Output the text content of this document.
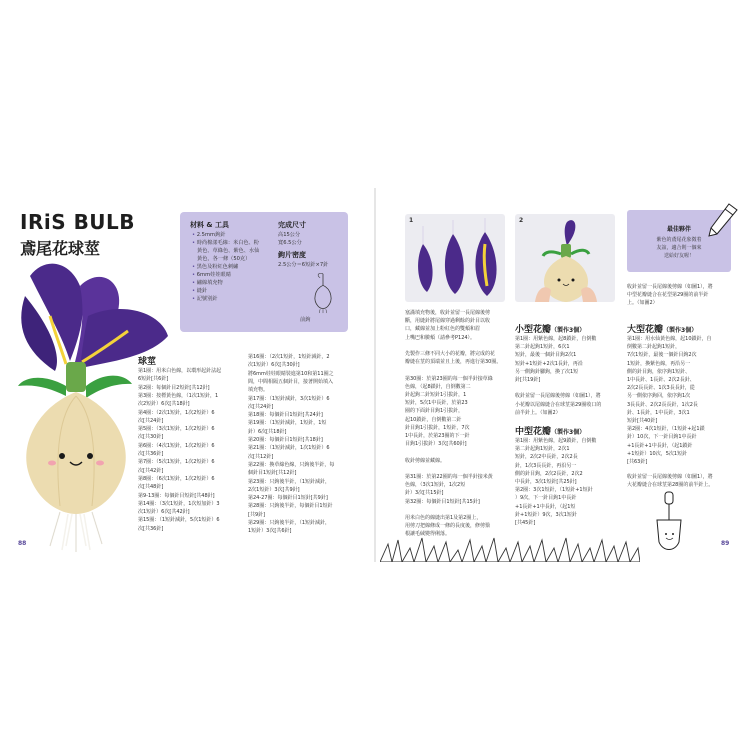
IRiS BULB
鳶尾花球莖
材料 & 工具
• 2.5mm鉤針
• 時尚棉漾毛線：米白色、粉
黃色、草綠色、紫色、水仙
黃色，各一條（50克）
• 黑色及粉紅色刺繡
• 6mm娃娃眼睛
• 繡線填充物
• 縫針
• 記號別針
完成尺寸
高15公分
寬6.5公分
鉤片密度
2.5公分＝6短針×7針
前鉤
球莖
第1圈：用米白色線，以環形起針法起
6短針[共6針]
第2圈：每個針目2短針[共12針]
第3圈：按標黃色線，（1次1短針，1
次2短針）6次[共18針]
第4圈：（2次1短針，1次2短針）6
次[共24針]
第5圈：（3次1短針，1次2短針）6
次[共30針]
第6圈：（4次1短針，1次2短針）6
次[共36針]
第7圈：（5次1短針，1次2短針）6
次[共42針]
第8圈：（6次1短針，1次2短針）6
次[共48針]
第9-13圈：每個針目短針[共48針]
第14圈：（3次1短針，1次短加針）3
次1短針）6次[共42針]
第15圈：（1短針減針，5次1短針）6
次[共36針]
第16圈：（2次1短針，1短針減針，2
次1短針）6次[共30針]
將6mm娃娃眼睛裝進第10和第11圈之
間，中間相隔五個針目，接著開始填入
填充物。
第17圈：（1短針減針，3次1短針）6
次[共24針]
第18圈：每個針目1短針[共24針]
第19圈：（1短針減針，1短針，1短
針）6次[共18針]
第20圈：每個針目1短針[共18針]
第21圈：（1短針減針，1次1短針）6
次[共12針]
第22圈：換草綠色線，只鉤後半針，每
個針目1短針[共12針]
第23圈：只鉤後半針，（1短針減針，
2次1短針）3次[共9針]
第24-27圈：每個針目1短針[共9針]
第28圈：只鉤後半針，每個針目1短針
[共9針]
第29圈：只鉤後半針，（1短針減針，
1短針）3次[共6針]
88
1	2
最佳夥伴
紫色的鳶尾花象徵着
友誼，適合則一個來
送給好友喔！
塞滿填充物後，收針並留一長尾線後剪
斷，用縫針將尾線穿過剩餘的針目以收
口，藏線並加上粉紅色的雙頰和眉
上嘴巴和臉頰（請參考P124）。
先製作三條不同大小的花瓣，將完成的花
瓣縫在莖的頂端並且上後，再進行第30圈。
第30圈：於第23圈的每一個半針接草綠
色線，（起8鎖針，自倒數第二
針起鉤二針短針1引拔針，1
短針，5次1中長針，於第23
圈的下面針目鉤1引拔針，
起10鎖針，自倒數第二針
針目鉤1引拔針，1短針，7次
1中長針，於第23圈的下一針
目鉤1引拔針）3次[共60針]
收針剪線並藏線。
第31圈：於第22圈的每一個半針接米黃
色線，（3次1短針，1次2短
針）3次[共15針]
第32圈：每個針目1短針[共15針]
用米白色的線縫出第1及第2圈上，
用剪刀把線條成一條的長度後，修剪鬚
根讓毛絨變得俐落。
小型花瓣（製作3個）
第1圈：用紫色線，起8鎖針，自倒數
第二針起鉤1短針，6次1
短針，最後一個針目鉤2次1
短針+1短針+2次1長針，再沿
另一側鉤針腳鉤，換了次1短
針[共19針]
收針並留一長尾線後剪線（如圖1），將
小花瓣以尾線縫合在球莖第29圈收口的
前半針上。（如圖2）
中型花瓣（製作3個）
第1圈：用紫色線，起9鎖針，自倒數
第二針起鉤1短針，2次1
短針，2次2中長針，2次2長
針，1次3長長針，再沿另一
側的針目鉤，2次2長針，2次2
中長針，3次1短針[共25針]
第2圈：3次1短針，（1短針+1短針
）9次，下一針目鉤1中長針
+1長針+1中長針，（起1短
針+1短針）9次，3次1短針
[共45針]
收針並留一長尾線後剪線（如圖1），將
中型花瓣縫合在花型第29圈的前半針
上。（如圖2）
大型花瓣（製作3個）
第1圈：用水仙黃色線，起10鎖針，自
倒數第二針起鉤1短針，
7次1短針，最後一個針目鉤2次
1短針，換紫色線，再沿另一
側的針目鉤，依序鉤1短針、
1中長針、1長針、2次2長針、
2次2長長針、1次3長長針，從
另一側依序鉤回，依序鉤1次
3長長針、2次2長長針，1次2長
針、1長針，1中長針，3次1
短針[共40針]
第2圈：4次1短針，（1短針+起1鎖
針）10次，下一針目鉤1中長針
+1長針+1中長針，（起1鎖針
+1短針）10次，5次1短針
[共63針]
收針並留一長尾線後剪線（如圖1），將
大花瓣縫合在球莖第28圈的前半針上。
89
